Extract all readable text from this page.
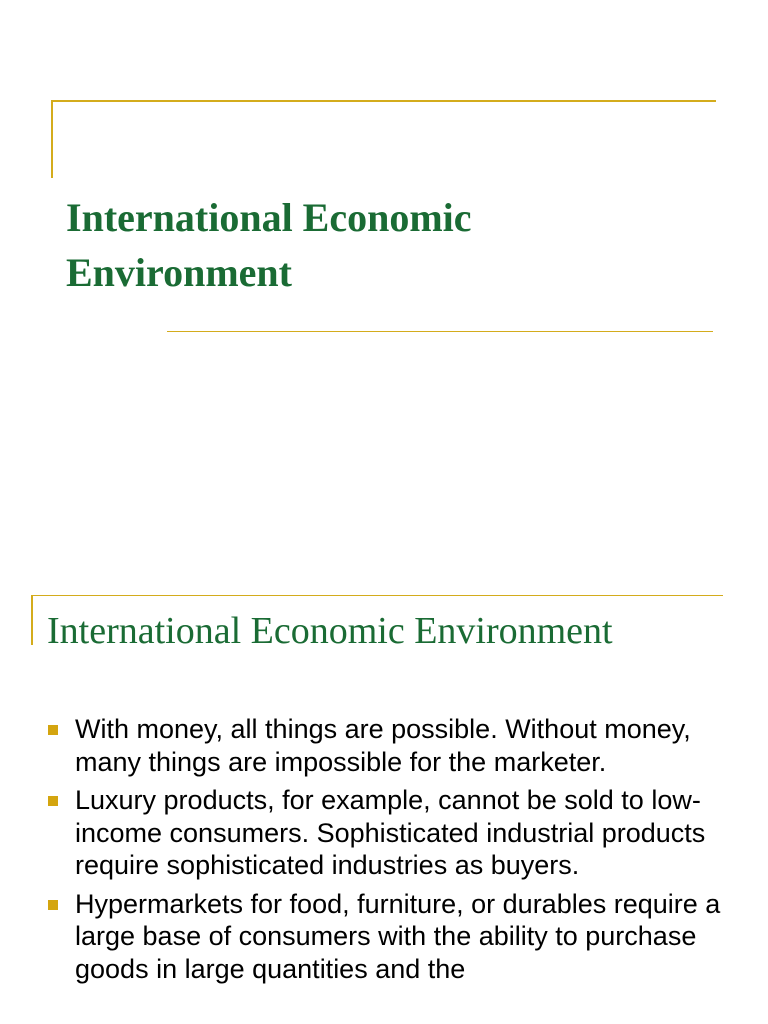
International Economic
Environment
International Economic Environment
With money, all things are possible. Without money, many things are impossible for the marketer.
Luxury products, for example, cannot be sold to low-income consumers. Sophisticated industrial products require sophisticated industries as buyers.
Hypermarkets for food, furniture, or durables require a large base of consumers with the ability to purchase goods in large quantities and the
